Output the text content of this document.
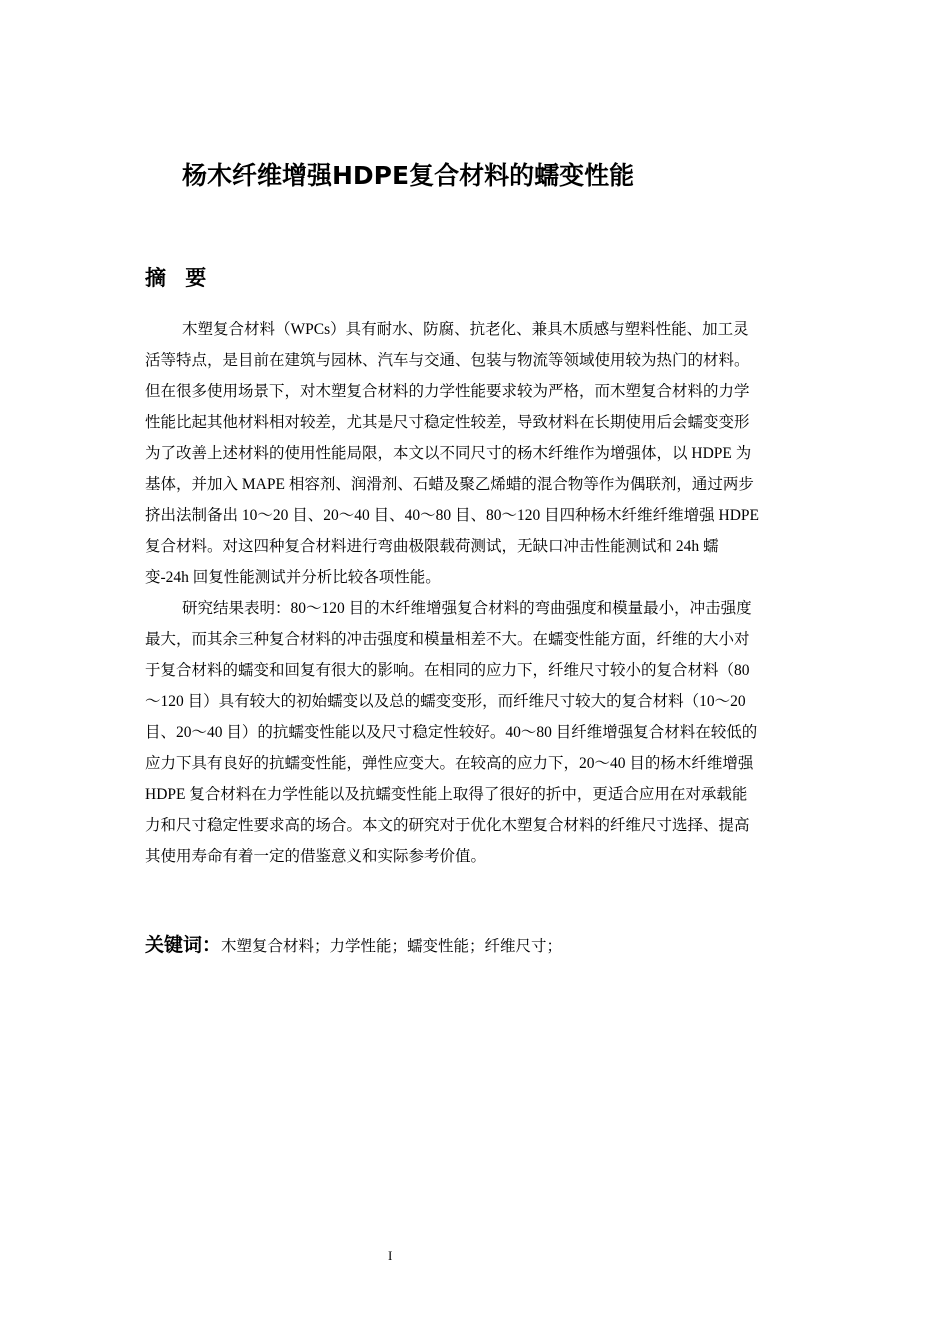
杨木纤维增强HDPE复合材料的蠕变性能
摘 要
木塑复合材料（WPCs）具有耐水、防腐、抗老化、兼具木质感与塑料性能、加工灵
活等特点，是目前在建筑与园林、汽车与交通、包装与物流等领域使用较为热门的材料。
但在很多使用场景下，对木塑复合材料的力学性能要求较为严格，而木塑复合材料的力学
性能比起其他材料相对较差，尤其是尺寸稳定性较差，导致材料在长期使用后会蠕变变形
为了改善上述材料的使用性能局限，本文以不同尺寸的杨木纤维作为增强体，以 HDPE 为
基体，并加入 MAPE 相容剂、润滑剂、石蜡及聚乙烯蜡的混合物等作为偶联剂，通过两步
挤出法制备出 10～20 目、20～40 目、40～80 目、80～120 目四种杨木纤维纤维增强 HDPE
复合材料。对这四种复合材料进行弯曲极限载荷测试，无缺口冲击性能测试和 24h 蠕
变-24h 回复性能测试并分析比较各项性能。
研究结果表明：80～120 目的木纤维增强复合材料的弯曲强度和模量最小，冲击强度
最大，而其余三种复合材料的冲击强度和模量相差不大。在蠕变性能方面，纤维的大小对
于复合材料的蠕变和回复有很大的影响。在相同的应力下，纤维尺寸较小的复合材料（80
～120 目）具有较大的初始蠕变以及总的蠕变变形，而纤维尺寸较大的复合材料（10～20
目、20～40 目）的抗蠕变性能以及尺寸稳定性较好。40～80 目纤维增强复合材料在较低的
应力下具有良好的抗蠕变性能，弹性应变大。在较高的应力下，20～40 目的杨木纤维增强
HDPE 复合材料在力学性能以及抗蠕变性能上取得了很好的折中，更适合应用在对承载能
力和尺寸稳定性要求高的场合。本文的研究对于优化木塑复合材料的纤维尺寸选择、提高
其使用寿命有着一定的借鉴意义和实际参考价值。
关键词：木塑复合材料；力学性能；蠕变性能；纤维尺寸；
I
